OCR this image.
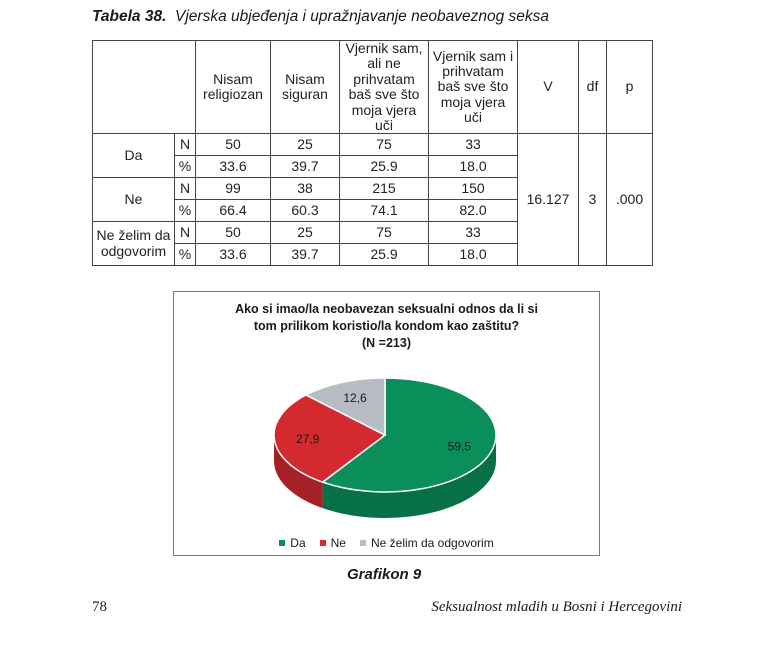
Tabela 38. Vjerska ubjeđenja i upražnjavanje neobaveznog seksa
		Nisam religiozan	Nisam siguran	Vjernik sam, ali ne prihvatam baš sve što moja vjera uči	Vjernik sam i prihvatam baš sve što moja vjera uči	V	df	p
Da	N	50	25	75	33			
	%	33.6	39.7	25.9	18.0			
Ne	N	99	38	215	150	16.127	3	.000
	%	66.4	60.3	74.1	82.0			
Ne želim da odgovorim	N	50	25	75	33			
	%	33.6	39.7	25.9	18.0			
Ako si imao/la neobavezan seksualni odnos da li si
tom prilikom koristio/la kondom kao zaštitu?
(N =213)
59,5
27,9
12,6
Da Ne Ne želim da odgovorim
Grafikon 9
78	Seksualnost mladih u Bosni i Hercegovini
